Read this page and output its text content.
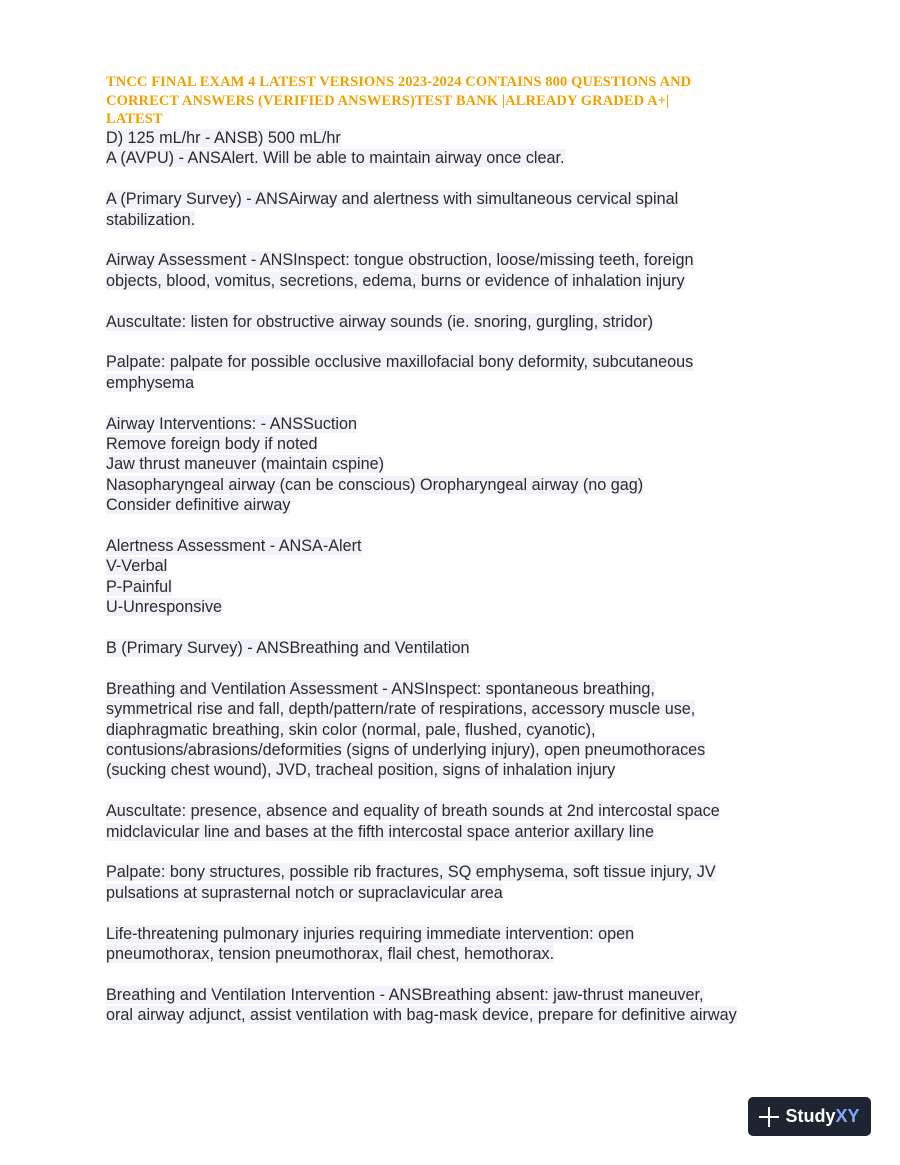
TNCC FINAL EXAM 4 LATEST VERSIONS 2023-2024 CONTAINS 800 QUESTIONS AND
CORRECT ANSWERS (VERIFIED ANSWERS)TEST BANK |ALREADY GRADED A+|
LATEST
D) 125 mL/hr - ANSB) 500 mL/hr
A (AVPU) - ANSAlert. Will be able to maintain airway once clear.
A (Primary Survey) - ANSAirway and alertness with simultaneous cervical spinal
stabilization.
Airway Assessment - ANSInspect: tongue obstruction, loose/missing teeth, foreign
objects, blood, vomitus, secretions, edema, burns or evidence of inhalation injury
Auscultate: listen for obstructive airway sounds (ie. snoring, gurgling, stridor)
Palpate: palpate for possible occlusive maxillofacial bony deformity, subcutaneous
emphysema
Airway Interventions: - ANSSuction
Remove foreign body if noted
Jaw thrust maneuver (maintain cspine)
Nasopharyngeal airway (can be conscious) Oropharyngeal airway (no gag)
Consider definitive airway
Alertness Assessment - ANSA-Alert
V-Verbal
P-Painful
U-Unresponsive
B (Primary Survey) - ANSBreathing and Ventilation
Breathing and Ventilation Assessment - ANSInspect: spontaneous breathing,
symmetrical rise and fall, depth/pattern/rate of respirations, accessory muscle use,
diaphragmatic breathing, skin color (normal, pale, flushed, cyanotic),
contusions/abrasions/deformities (signs of underlying injury), open pneumothoraces
(sucking chest wound), JVD, tracheal position, signs of inhalation injury
Auscultate: presence, absence and equality of breath sounds at 2nd intercostal space
midclavicular line and bases at the fifth intercostal space anterior axillary line
Palpate: bony structures, possible rib fractures, SQ emphysema, soft tissue injury, JV
pulsations at suprasternal notch or supraclavicular area
Life-threatening pulmonary injuries requiring immediate intervention: open
pneumothorax, tension pneumothorax, flail chest, hemothorax.
Breathing and Ventilation Intervention - ANSBreathing absent: jaw-thrust maneuver,
oral airway adjunct, assist ventilation with bag-mask device, prepare for definitive airway
StudyXY
